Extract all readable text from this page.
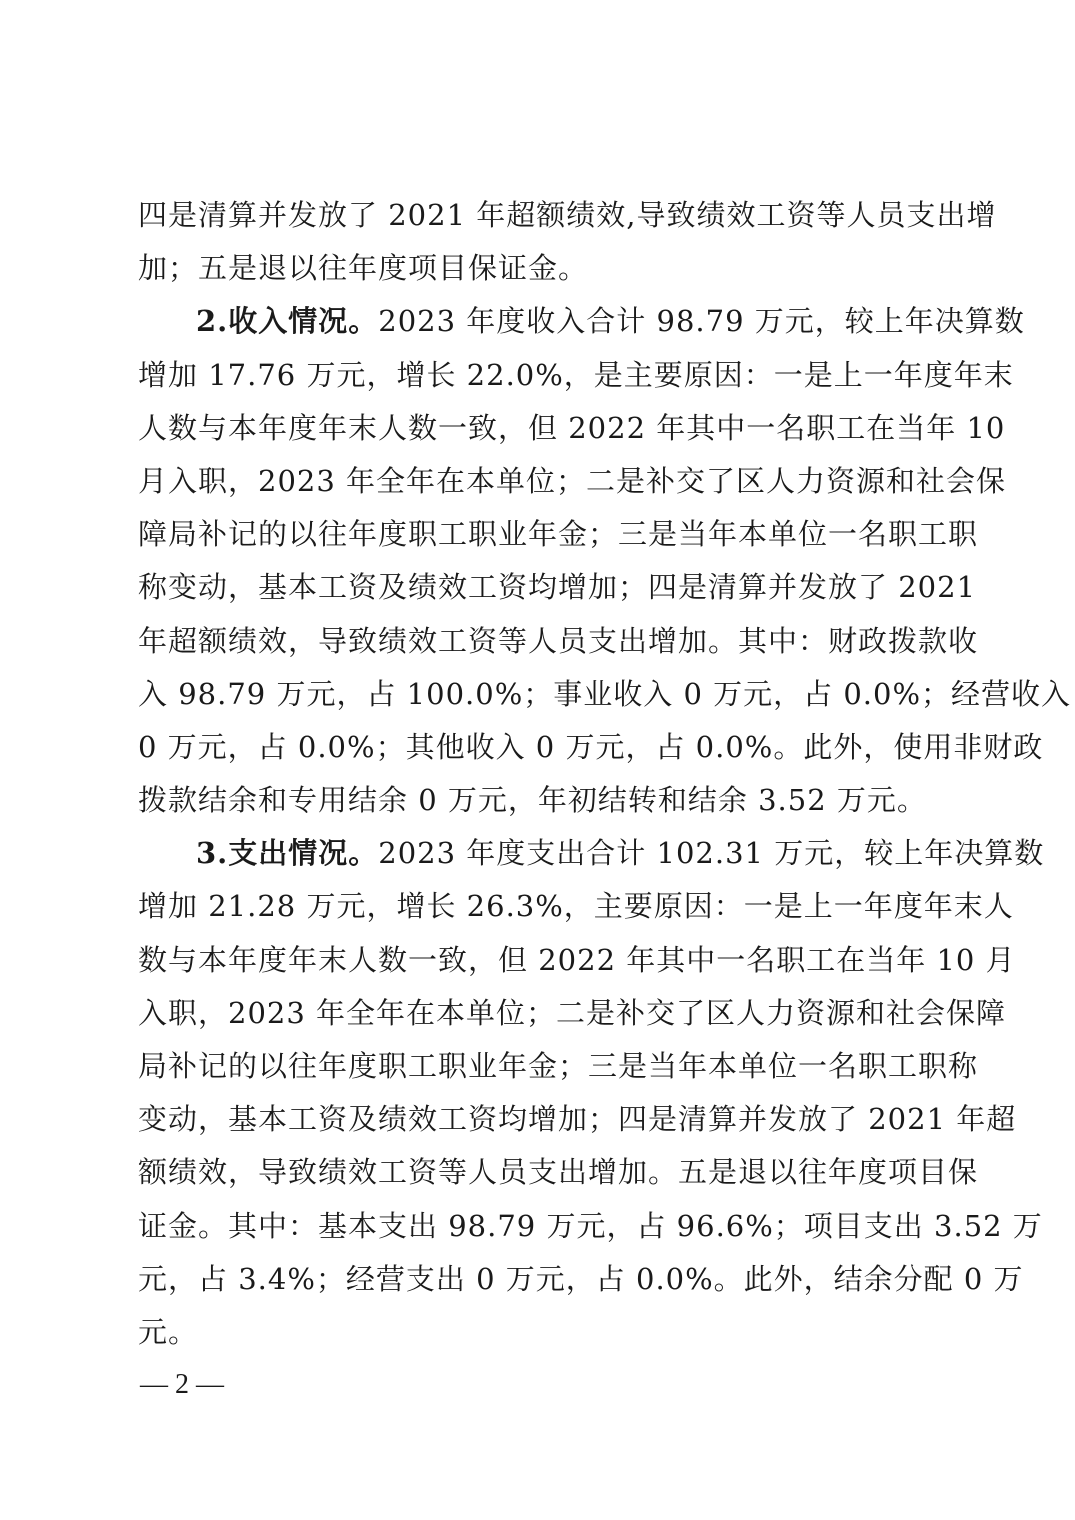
四是清算并发放了 2021 年超额绩效,导致绩效工资等人员支出增
加；五是退以往年度项目保证金。
2.收入情况。2023 年度收入合计 98.79 万元，较上年决算数
增加 17.76 万元，增长 22.0%，是主要原因：一是上一年度年末
人数与本年度年末人数一致，但 2022 年其中一名职工在当年 10
月入职，2023 年全年在本单位；二是补交了区人力资源和社会保
障局补记的以往年度职工职业年金；三是当年本单位一名职工职
称变动，基本工资及绩效工资均增加；四是清算并发放了 2021
年超额绩效，导致绩效工资等人员支出增加。其中：财政拨款收
入 98.79 万元，占 100.0%；事业收入 0 万元，占 0.0%；经营收入
0 万元，占 0.0%；其他收入 0 万元，占 0.0%。此外，使用非财政
拨款结余和专用结余 0 万元，年初结转和结余 3.52 万元。
3.支出情况。2023 年度支出合计 102.31 万元，较上年决算数
增加 21.28 万元，增长 26.3%，主要原因：一是上一年度年末人
数与本年度年末人数一致，但 2022 年其中一名职工在当年 10 月
入职，2023 年全年在本单位；二是补交了区人力资源和社会保障
局补记的以往年度职工职业年金；三是当年本单位一名职工职称
变动，基本工资及绩效工资均增加；四是清算并发放了 2021 年超
额绩效，导致绩效工资等人员支出增加。五是退以往年度项目保
证金。其中：基本支出 98.79 万元，占 96.6%；项目支出 3.52 万
元，占 3.4%；经营支出 0 万元，占 0.0%。此外，结余分配 0 万
元。
— 2 —
